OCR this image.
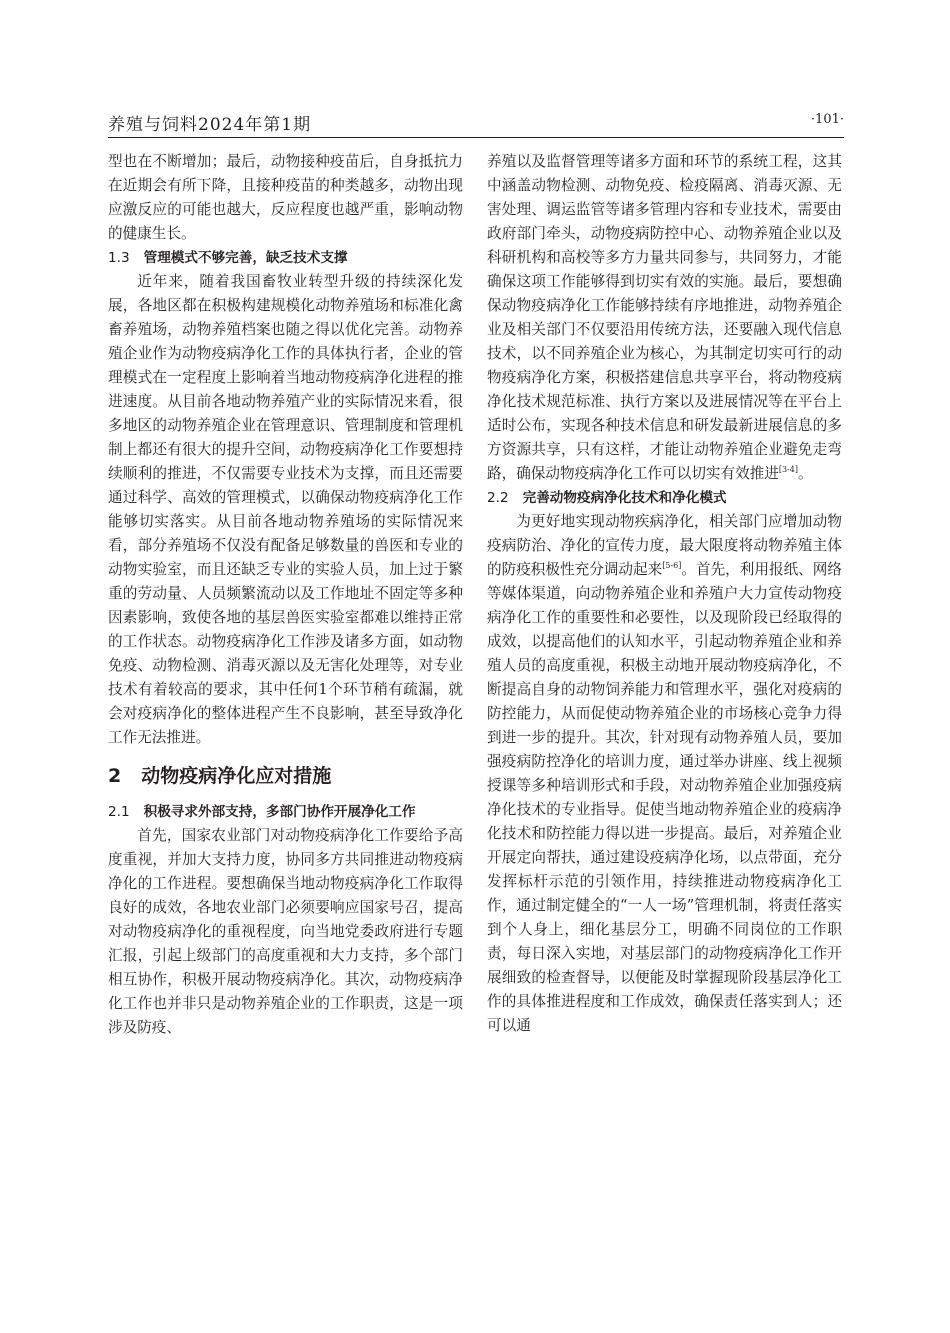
养殖与饲料2024年第1期	·101·

型也在不断增加；最后，动物接种疫苗后，自身抵抗力在近期会有所下降，且接种疫苗的种类越多，动物出现应激反应的可能也越大，反应程度也越严重，影响动物的健康生长。

1.3 管理模式不够完善，缺乏技术支撑

近年来，随着我国畜牧业转型升级的持续深化发展，各地区都在积极构建规模化动物养殖场和标准化禽畜养殖场，动物养殖档案也随之得以优化完善。动物养殖企业作为动物疫病净化工作的具体执行者，企业的管理模式在一定程度上影响着当地动物疫病净化进程的推进速度。从目前各地动物养殖产业的实际情况来看，很多地区的动物养殖企业在管理意识、管理制度和管理机制上都还有很大的提升空间，动物疫病净化工作要想持续顺利的推进，不仅需要专业技术为支撑，而且还需要通过科学、高效的管理模式，以确保动物疫病净化工作能够切实落实。从目前各地动物养殖场的实际情况来看，部分养殖场不仅没有配备足够数量的兽医和专业的动物实验室，而且还缺乏专业的实验人员，加上过于繁重的劳动量、人员频繁流动以及工作地址不固定等多种因素影响，致使各地的基层兽医实验室都难以维持正常的工作状态。动物疫病净化工作涉及诸多方面，如动物免疫、动物检测、消毒灭源以及无害化处理等，对专业技术有着较高的要求，其中任何1个环节稍有疏漏，就会对疫病净化的整体进程产生不良影响，甚至导致净化工作无法推进。

2 动物疫病净化应对措施
2.1 积极寻求外部支持，多部门协作开展净化工作

首先，国家农业部门对动物疫病净化工作要给予高度重视，并加大支持力度，协同多方共同推进动物疫病净化的工作进程。要想确保当地动物疫病净化工作取得良好的成效，各地农业部门必须要响应国家号召，提高对动物疫病净化的重视程度，向当地党委政府进行专题汇报，引起上级部门的高度重视和大力支持，多个部门相互协作，积极开展动物疫病净化。其次，动物疫病净化工作也并非只是动物养殖企业的工作职责，这是一项涉及防疫、

养殖以及监督管理等诸多方面和环节的系统工程，这其中涵盖动物检测、动物免疫、检疫隔离、消毒灭源、无害处理、调运监管等诸多管理内容和专业技术，需要由政府部门牵头，动物疫病防控中心、动物养殖企业以及科研机构和高校等多方力量共同参与，共同努力，才能确保这项工作能够得到切实有效的实施。最后，要想确保动物疫病净化工作能够持续有序地推进，动物养殖企业及相关部门不仅要沿用传统方法，还要融入现代信息技术，以不同养殖企业为核心，为其制定切实可行的动物疫病净化方案，积极搭建信息共享平台，将动物疫病净化技术规范标准、执行方案以及进展情况等在平台上适时公布，实现各种技术信息和研发最新进展信息的多方资源共享，只有这样，才能让动物养殖企业避免走弯路，确保动物疫病净化工作可以切实有效推进[3-4]。

2.2 完善动物疫病净化技术和净化模式

为更好地实现动物疾病净化，相关部门应增加动物疫病防治、净化的宣传力度，最大限度将动物养殖主体的防疫积极性充分调动起来[5-6]。首先，利用报纸、网络等媒体渠道，向动物养殖企业和养殖户大力宣传动物疫病净化工作的重要性和必要性，以及现阶段已经取得的成效，以提高他们的认知水平，引起动物养殖企业和养殖人员的高度重视，积极主动地开展动物疫病净化，不断提高自身的动物饲养能力和管理水平，强化对疫病的防控能力，从而促使动物养殖企业的市场核心竞争力得到进一步的提升。其次，针对现有动物养殖人员，要加强疫病防控净化的培训力度，通过举办讲座、线上视频授课等多种培训形式和手段，对动物养殖企业加强疫病净化技术的专业指导。促使当地动物养殖企业的疫病净化技术和防控能力得以进一步提高。最后，对养殖企业开展定向帮扶，通过建设疫病净化场，以点带面，充分发挥标杆示范的引领作用，持续推进动物疫病净化工作，通过制定健全的“一人一场”管理机制，将责任落实到个人身上，细化基层分工，明确不同岗位的工作职责，每日深入实地，对基层部门的动物疫病净化工作开展细致的检查督导，以便能及时掌握现阶段基层净化工作的具体推进程度和工作成效，确保责任落实到人；还可以通
